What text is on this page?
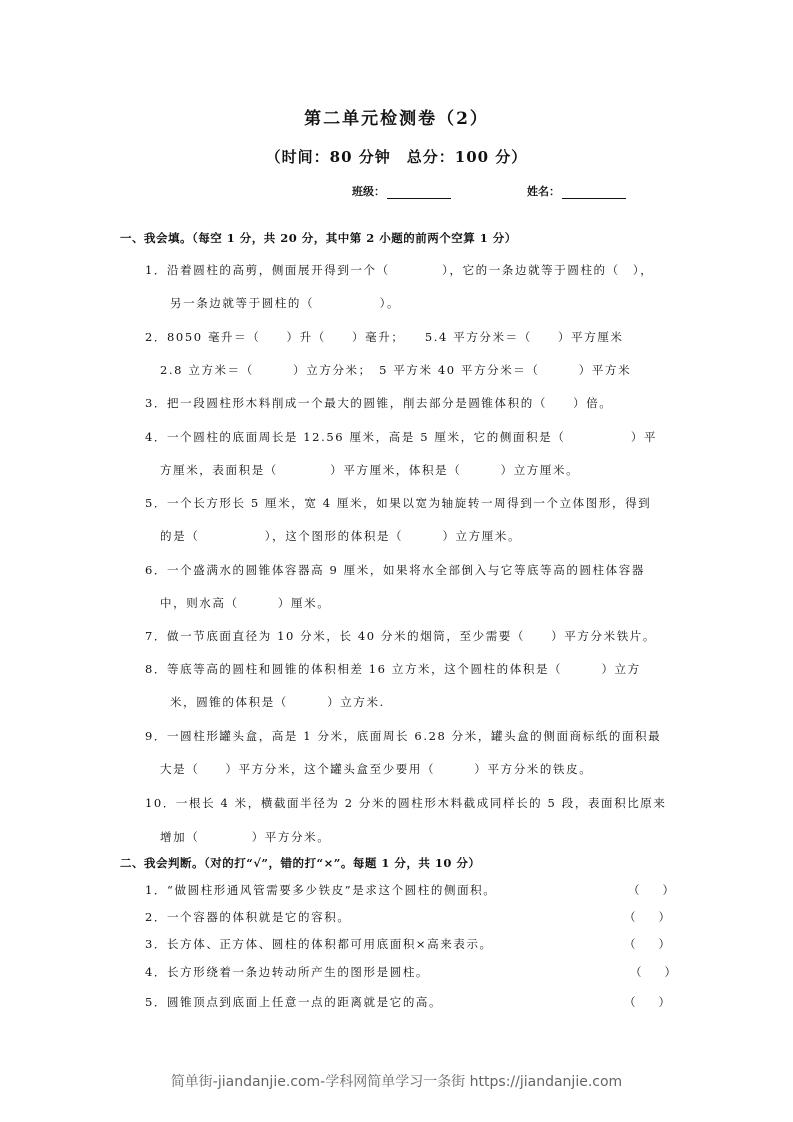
第二单元检测卷（2）
（时间：80 分钟　总分：100 分）
班级：	姓名：
一、我会填。（每空 1 分，共 20 分，其中第 2 小题的前两个空算 1 分）
1．沿着圆柱的高剪，侧面展开得到一个（　　　　），它的一条边就等于圆柱的（　），
另一条边就等于圆柱的（　　　　　）。
2．8050 毫升＝（　　）升（　　）毫升；　　5.4 平方分米＝（　　）平方厘米
2.8 立方米＝（　　　）立方分米；　5 平方米 40 平方分米＝（　　　）平方米
3．把一段圆柱形木料削成一个最大的圆锥，削去部分是圆锥体积的（　　）倍。
4．一个圆柱的底面周长是 12.56 厘米，高是 5 厘米，它的侧面积是（　　　　　）平
方厘米，表面积是（　　　　）平方厘米，体积是（　　　）立方厘米。
5．一个长方形长 5 厘米，宽 4 厘米，如果以宽为轴旋转一周得到一个立体图形，得到
的是（　　　　　），这个图形的体积是（　　　）立方厘米。
6．一个盛满水的圆锥体容器高 9 厘米，如果将水全部倒入与它等底等高的圆柱体容器
中，则水高（　　　）厘米。
7．做一节底面直径为 10 分米，长 40 分米的烟筒，至少需要（　　）平方分米铁片。
8．等底等高的圆柱和圆锥的体积相差 16 立方米，这个圆柱的体积是（　　　）立方
米，圆锥的体积是（　　　）立方米.
9．一圆柱形罐头盒，高是 1 分米，底面周长 6.28 分米，罐头盒的侧面商标纸的面积最
大是（　　）平方分米，这个罐头盒至少要用（　　　）平方分米的铁皮。
10．一根长 4 米，横截面半径为 2 分米的圆柱形木料截成同样长的 5 段，表面积比原来
增加（　　　　）平方分米。
二、我会判断。（对的打“√”，错的打“×”。每题 1 分，共 10 分）
1．“做圆柱形通风管需要多少铁皮”是求这个圆柱的侧面积。	（　　）
2．一个容器的体积就是它的容积。	（　　）
3．长方体、正方体、圆柱的体积都可用底面积×高来表示。	（　　）
4．长方形绕着一条边转动所产生的图形是圆柱。	（　　）
5．圆锥顶点到底面上任意一点的距离就是它的高。	（　　）
简单街-jiandanjie.com-学科网简单学习一条街 https://jiandanjie.com
